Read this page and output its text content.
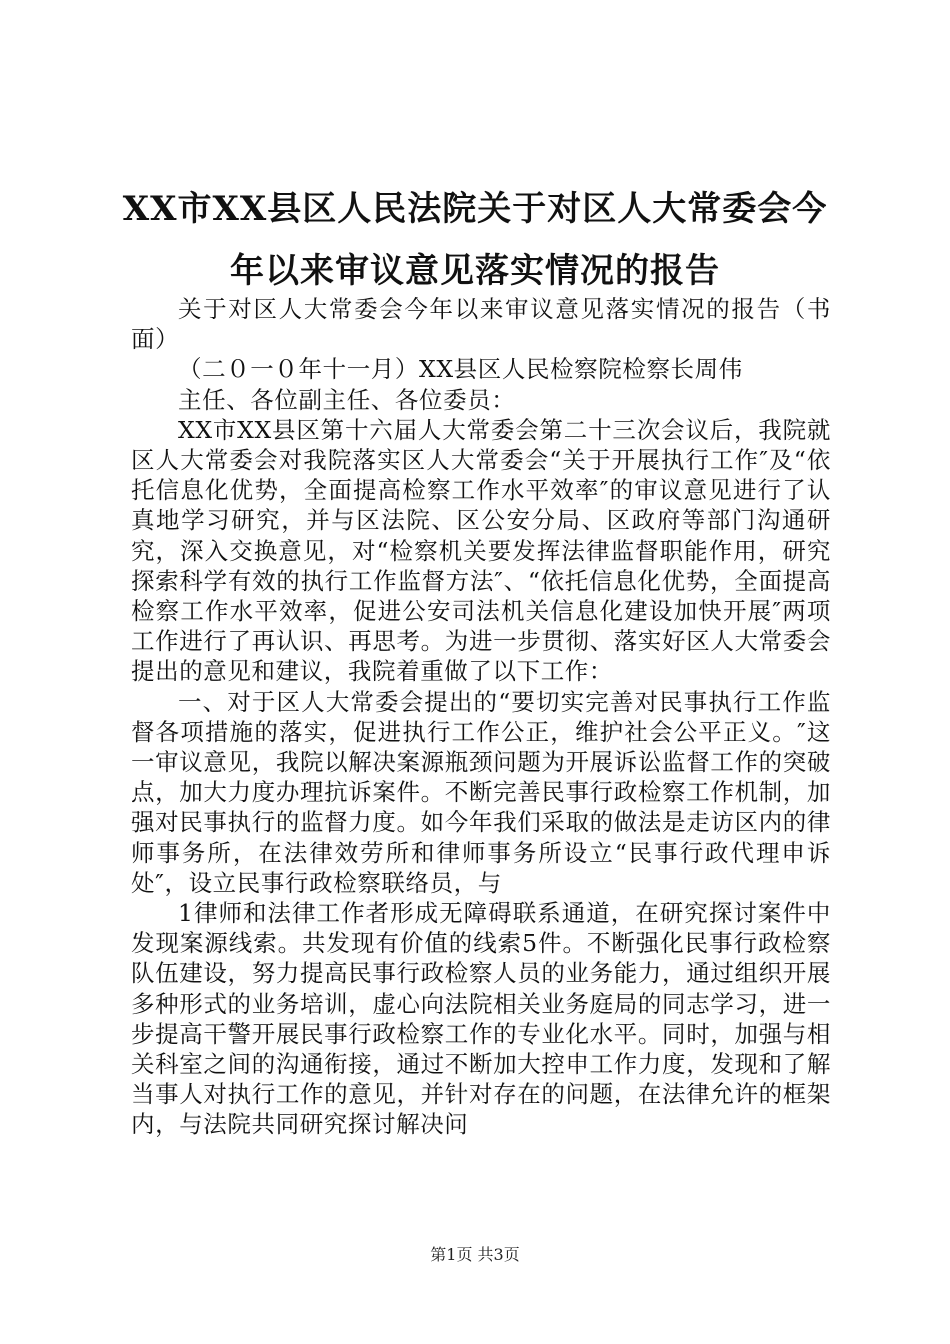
XX市XX县区人民法院关于对区人大常委会今
年以来审议意见落实情况的报告

关于对区人大常委会今年以来审议意见落实情况的报告（书面）

（二０一０年十一月）XX县区人民检察院检察长周伟

主任、各位副主任、各位委员：

XX市XX县区第十六届人大常委会第二十三次会议后，我院就区人大常委会对我院落实区人大常委会“关于开展执行工作″及“依托信息化优势，全面提高检察工作水平效率″的审议意见进行了认真地学习研究，并与区法院、区公安分局、区政府等部门沟通研究，深入交换意见，对“检察机关要发挥法律监督职能作用，研究探索科学有效的执行工作监督方法″、“依托信息化优势，全面提高检察工作水平效率，促进公安司法机关信息化建设加快开展″两项工作进行了再认识、再思考。为进一步贯彻、落实好区人大常委会提出的意见和建议，我院着重做了以下工作：

一、对于区人大常委会提出的“要切实完善对民事执行工作监督各项措施的落实，促进执行工作公正，维护社会公平正义。″这一审议意见，我院以解决案源瓶颈问题为开展诉讼监督工作的突破点，加大力度办理抗诉案件。不断完善民事行政检察工作机制，加强对民事执行的监督力度。如今年我们采取的做法是走访区内的律师事务所，在法律效劳所和律师事务所设立“民事行政代理申诉处″，设立民事行政检察联络员，与

1律师和法律工作者形成无障碍联系通道，在研究探讨案件中发现案源线索。共发现有价值的线索5件。不断强化民事行政检察队伍建设，努力提高民事行政检察人员的业务能力，通过组织开展多种形式的业务培训，虚心向法院相关业务庭局的同志学习，进一步提高干警开展民事行政检察工作的专业化水平。同时，加强与相关科室之间的沟通衔接，通过不断加大控申工作力度，发现和了解当事人对执行工作的意见，并针对存在的问题，在法律允许的框架内，与法院共同研究探讨解决问

第1页 共3页
